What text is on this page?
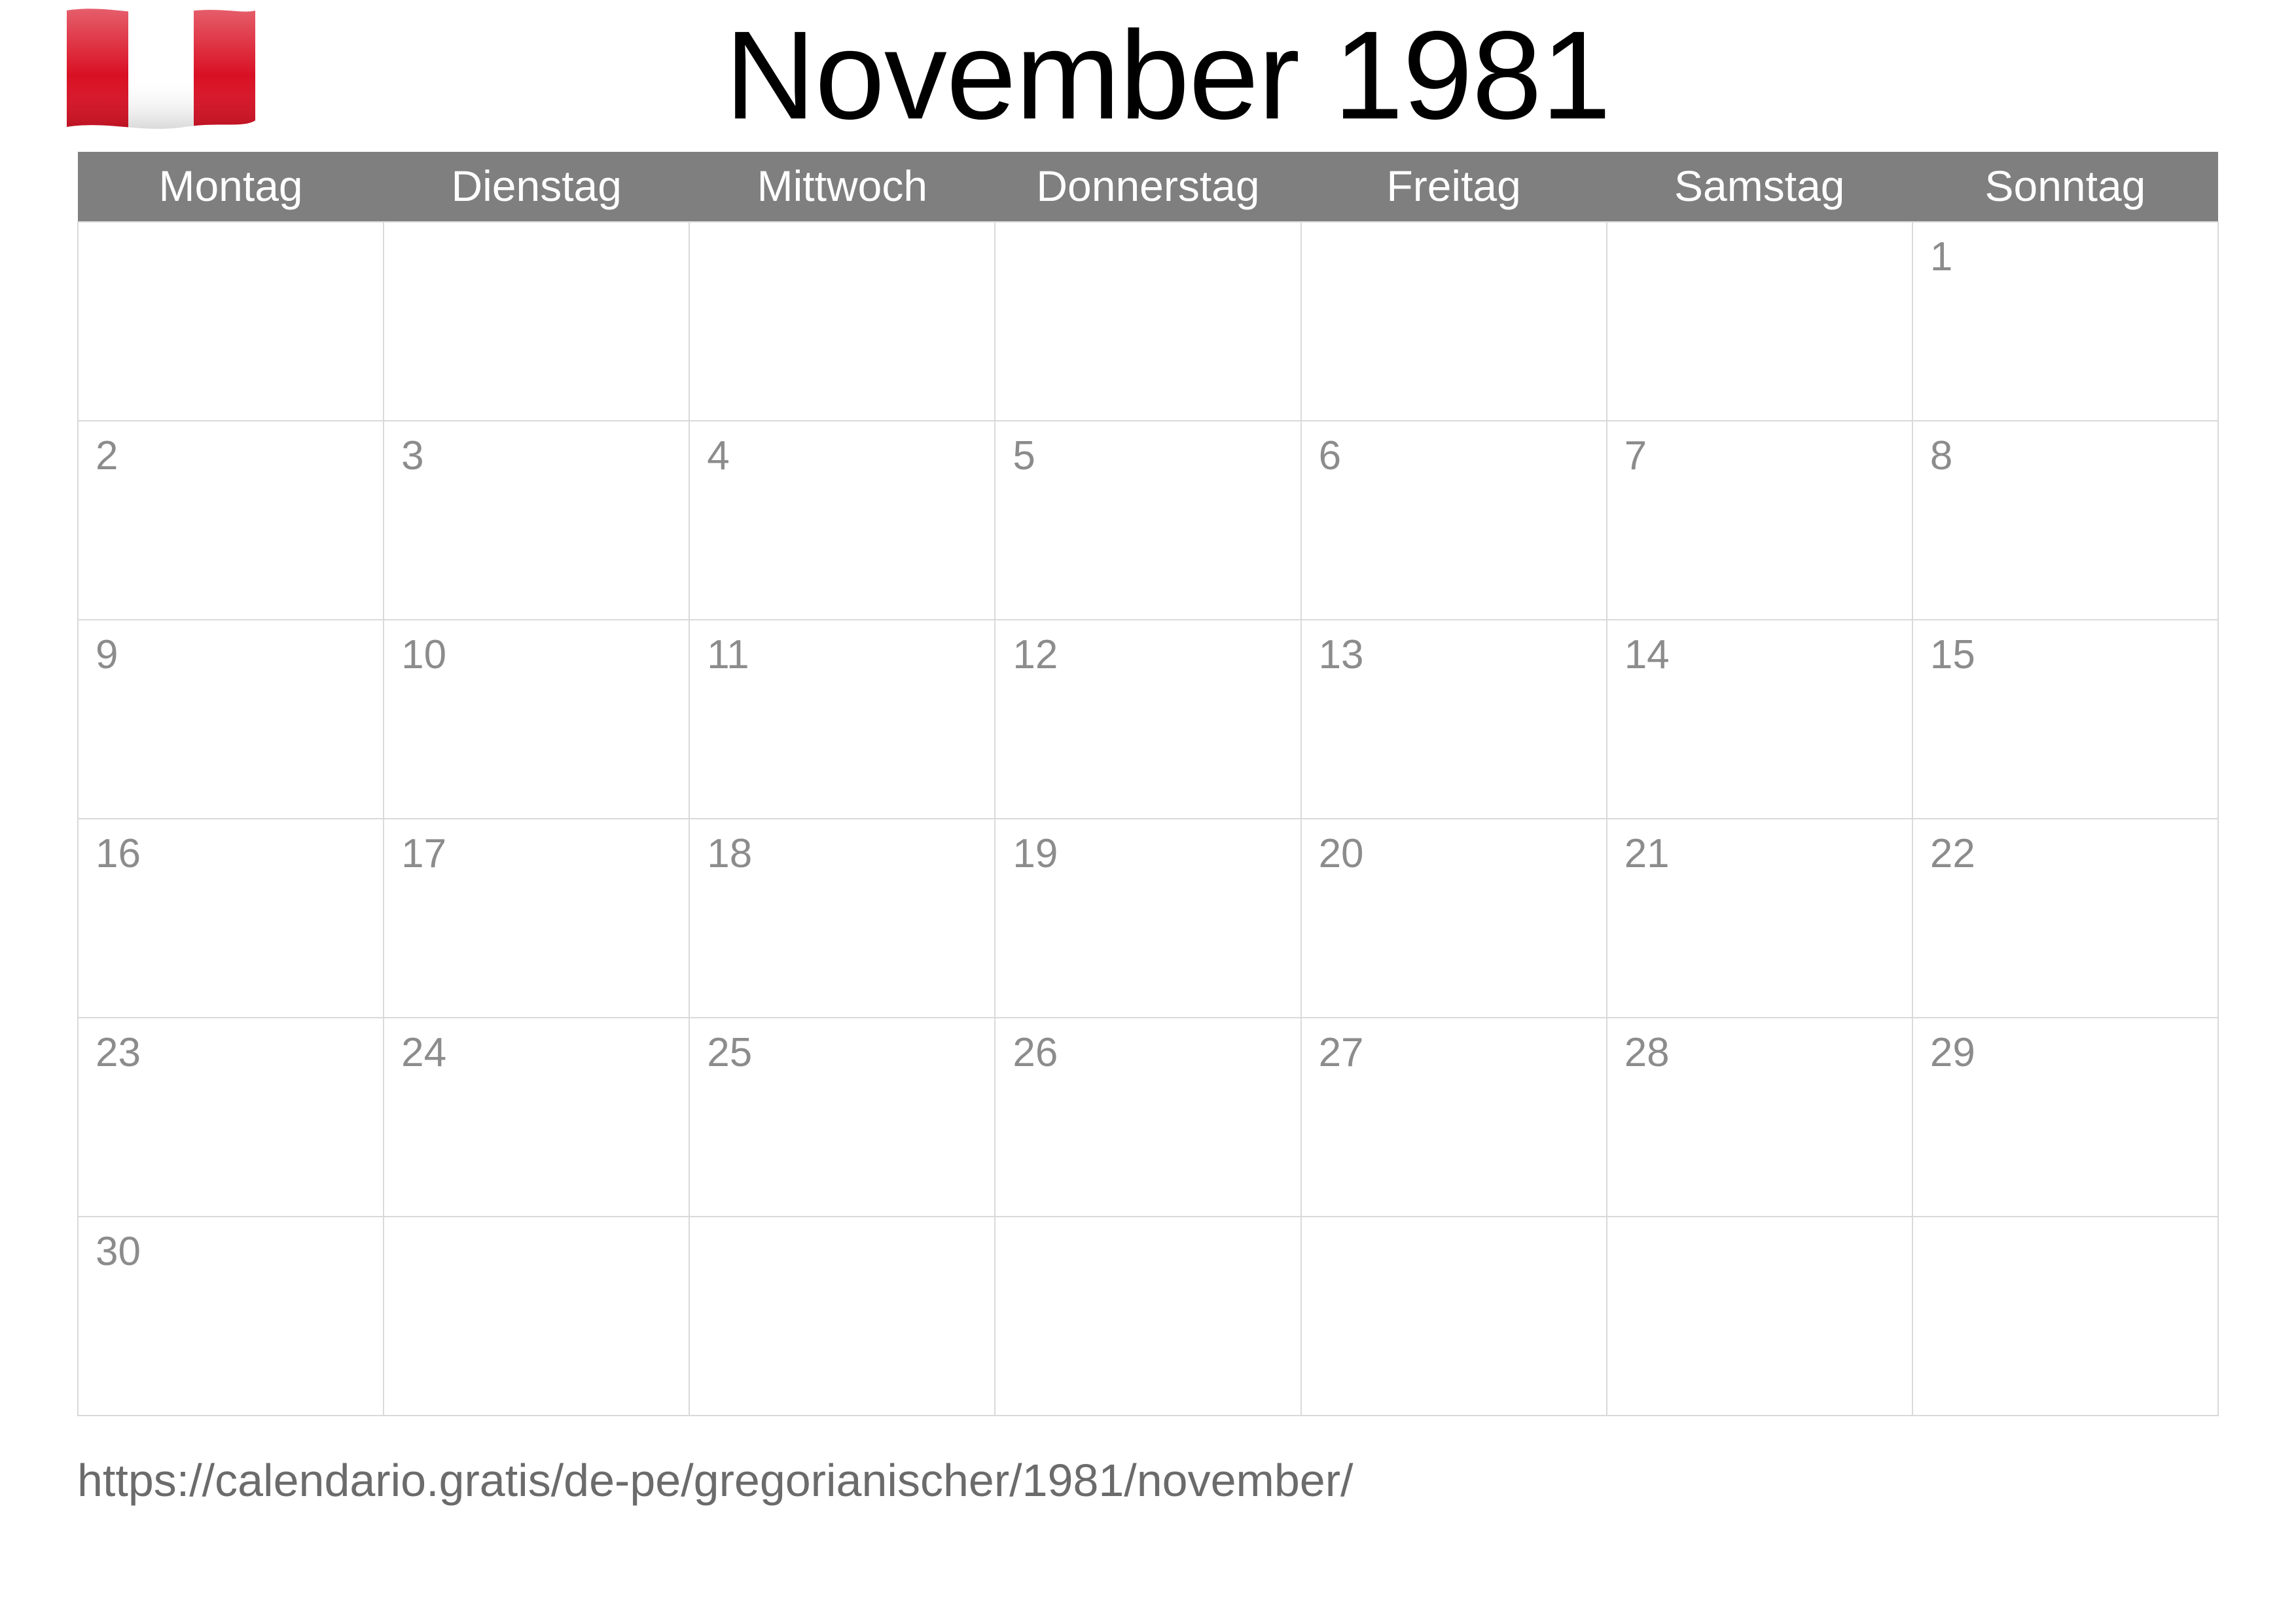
November 1981
Montag	Dienstag	Mittwoch	Donnerstag	Freitag	Samstag	Sonntag

						1

2	3	4	5	6	7	8

9	10	11	12	13	14	15

16	17	18	19	20	21	22

23	24	25	26	27	28	29

30						

https://calendario.gratis/de-pe/gregorianischer/1981/november/
